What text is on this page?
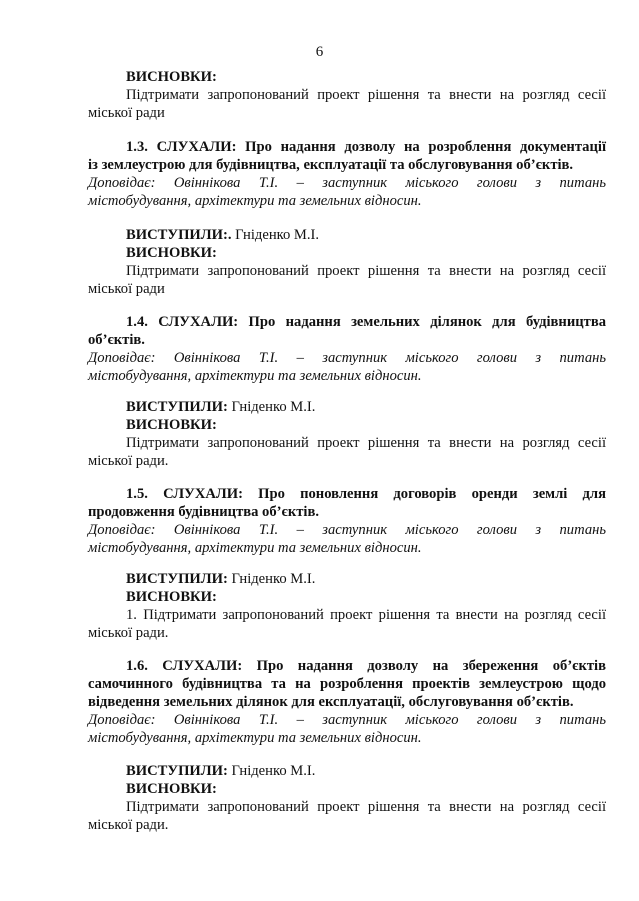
6
ВИСНОВКИ:
Підтримати запропонований проект рішення та внести на розгляд сесії
міської ради
1.3. СЛУХАЛИ: Про надання дозволу на розроблення документації
із землеустрою для будівництва, експлуатації та обслуговування об’єктів.
Доповідає: Овіннікова Т.І. – заступник міського голови з питань
містобудування, архітектури та земельних відносин.
ВИСТУПИЛИ:. Гніденко М.І.
ВИСНОВКИ:
Підтримати запропонований проект рішення та внести на розгляд сесії
міської ради
1.4. СЛУХАЛИ: Про надання земельних ділянок для будівництва
об’єктів.
Доповідає: Овіннікова Т.І. – заступник міського голови з питань
містобудування, архітектури та земельних відносин.
ВИСТУПИЛИ: Гніденко М.І.
ВИСНОВКИ:
Підтримати запропонований проект рішення та внести на розгляд сесії
міської ради.
1.5. СЛУХАЛИ: Про поновлення договорів оренди землі для
продовження будівництва об’єктів.
Доповідає: Овіннікова Т.І. – заступник міського голови з питань
містобудування, архітектури та земельних відносин.
ВИСТУПИЛИ: Гніденко М.І.
ВИСНОВКИ:
1. Підтримати запропонований проект рішення та внести на розгляд сесії
міської ради.
1.6. СЛУХАЛИ: Про надання дозволу на збереження об’єктів
самочинного будівництва та на розроблення проектів землеустрою щодо
відведення земельних ділянок для експлуатації, обслуговування об’єктів.
Доповідає: Овіннікова Т.І. – заступник міського голови з питань
містобудування, архітектури та земельних відносин.
ВИСТУПИЛИ: Гніденко М.І.
ВИСНОВКИ:
Підтримати запропонований проект рішення та внести на розгляд сесії
міської ради.
